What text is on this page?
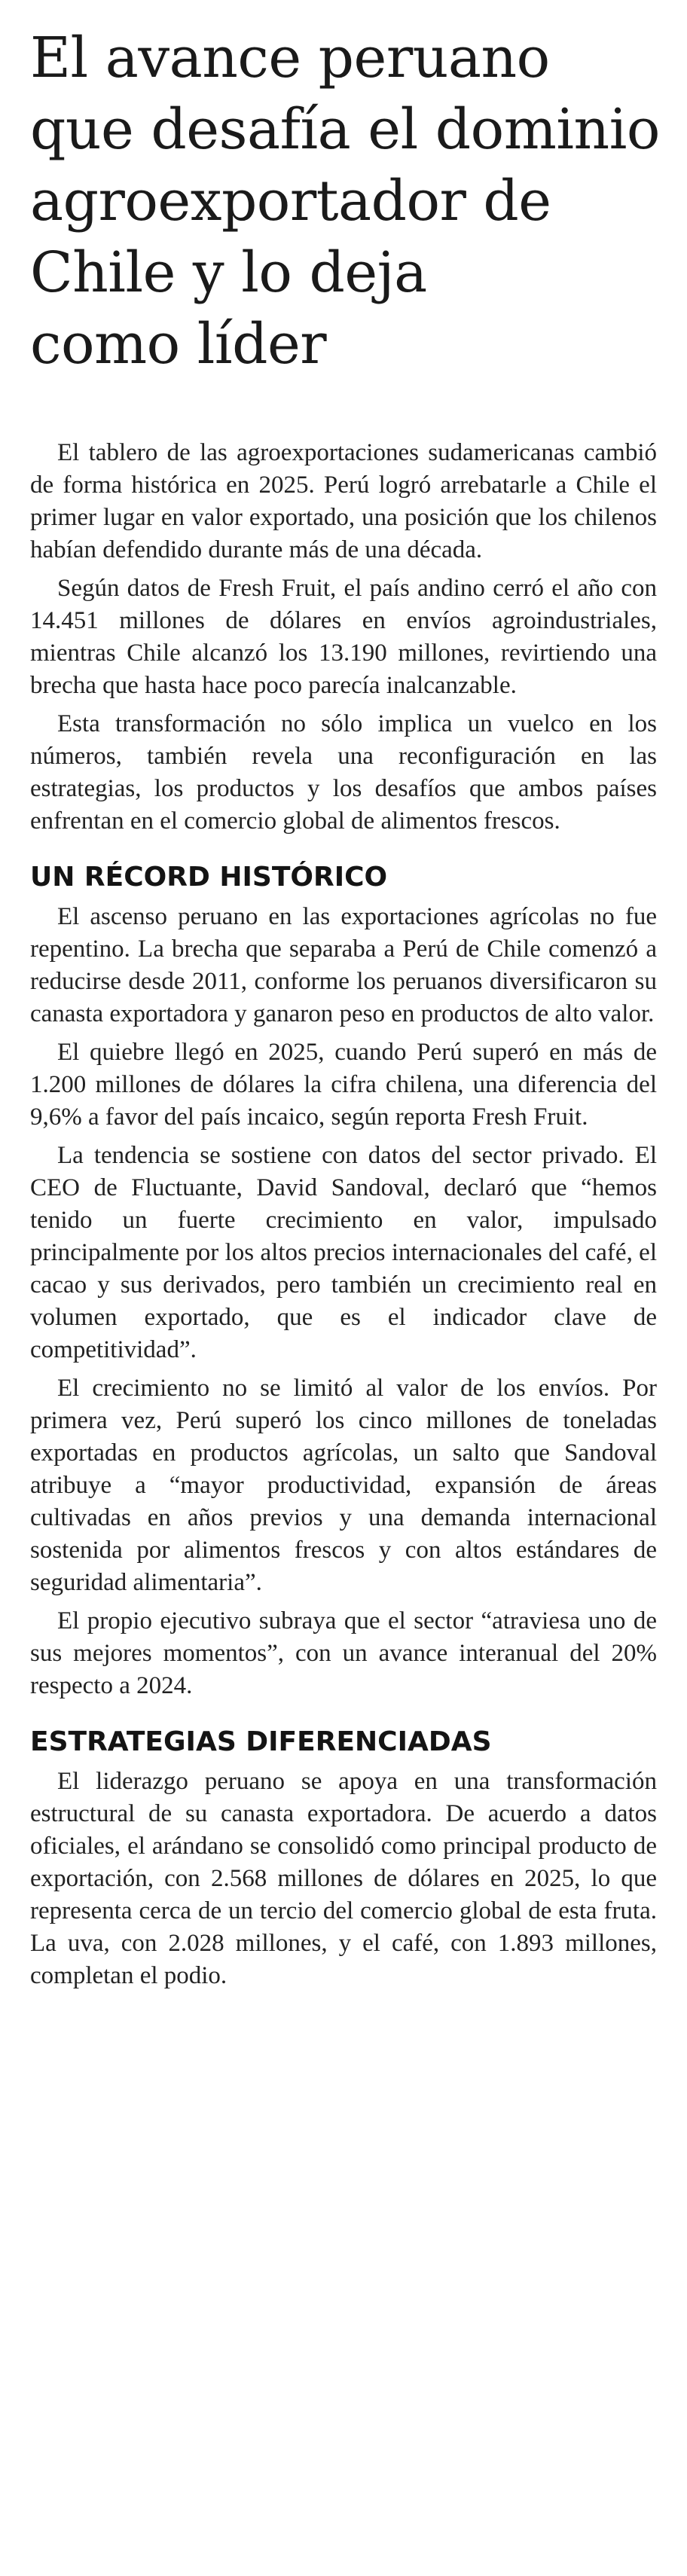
El avance peruano
que desafía el dominio
agroexportador de
Chile y lo deja
como líder

El tablero de las agroexportaciones sudamericanas cambió de forma histórica en 2025. Perú logró arrebatarle a Chile el primer lugar en valor exportado, una posición que los chilenos habían defendido durante más de una década.

Según datos de Fresh Fruit, el país andino cerró el año con 14.451 millones de dólares en envíos agroindustriales, mientras Chile alcanzó los 13.190 millones, revirtiendo una brecha que hasta hace poco parecía inalcanzable.

Esta transformación no sólo implica un vuelco en los números, también revela una reconfiguración en las estrategias, los productos y los desafíos que ambos países enfrentan en el comercio global de alimentos frescos.

UN RÉCORD HISTÓRICO

El ascenso peruano en las exportaciones agrícolas no fue repentino. La brecha que separaba a Perú de Chile comenzó a reducirse desde 2011, conforme los peruanos diversificaron su canasta exportadora y ganaron peso en productos de alto valor.

El quiebre llegó en 2025, cuando Perú superó en más de 1.200 millones de dólares la cifra chilena, una diferencia del 9,6% a favor del país incaico, según reporta Fresh Fruit.

La tendencia se sostiene con datos del sector privado. El CEO de Fluctuante, David Sandoval, declaró que “hemos tenido un fuerte crecimiento en valor, impulsado principalmente por los altos precios internacionales del café, el cacao y sus derivados, pero también un crecimiento real en volumen exportado, que es el indicador clave de competitividad”.

El crecimiento no se limitó al valor de los envíos. Por primera vez, Perú superó los cinco millones de toneladas exportadas en productos agrícolas, un salto que Sandoval atribuye a “mayor productividad, expansión de áreas cultivadas en años previos y una demanda internacional sostenida por alimentos frescos y con altos estándares de seguridad alimentaria”.

El propio ejecutivo subraya que el sector “atraviesa uno de sus mejores momentos”, con un avance interanual del 20% respecto a 2024.

ESTRATEGIAS DIFERENCIADAS

El liderazgo peruano se apoya en una transformación estructural de su canasta exportadora. De acuerdo a datos oficiales, el arándano se consolidó como principal producto de exportación, con 2.568 millones de dólares en 2025, lo que representa cerca de un tercio del comercio global de esta fruta. La uva, con 2.028 millones, y el café, con 1.893 millones, completan el podio.
